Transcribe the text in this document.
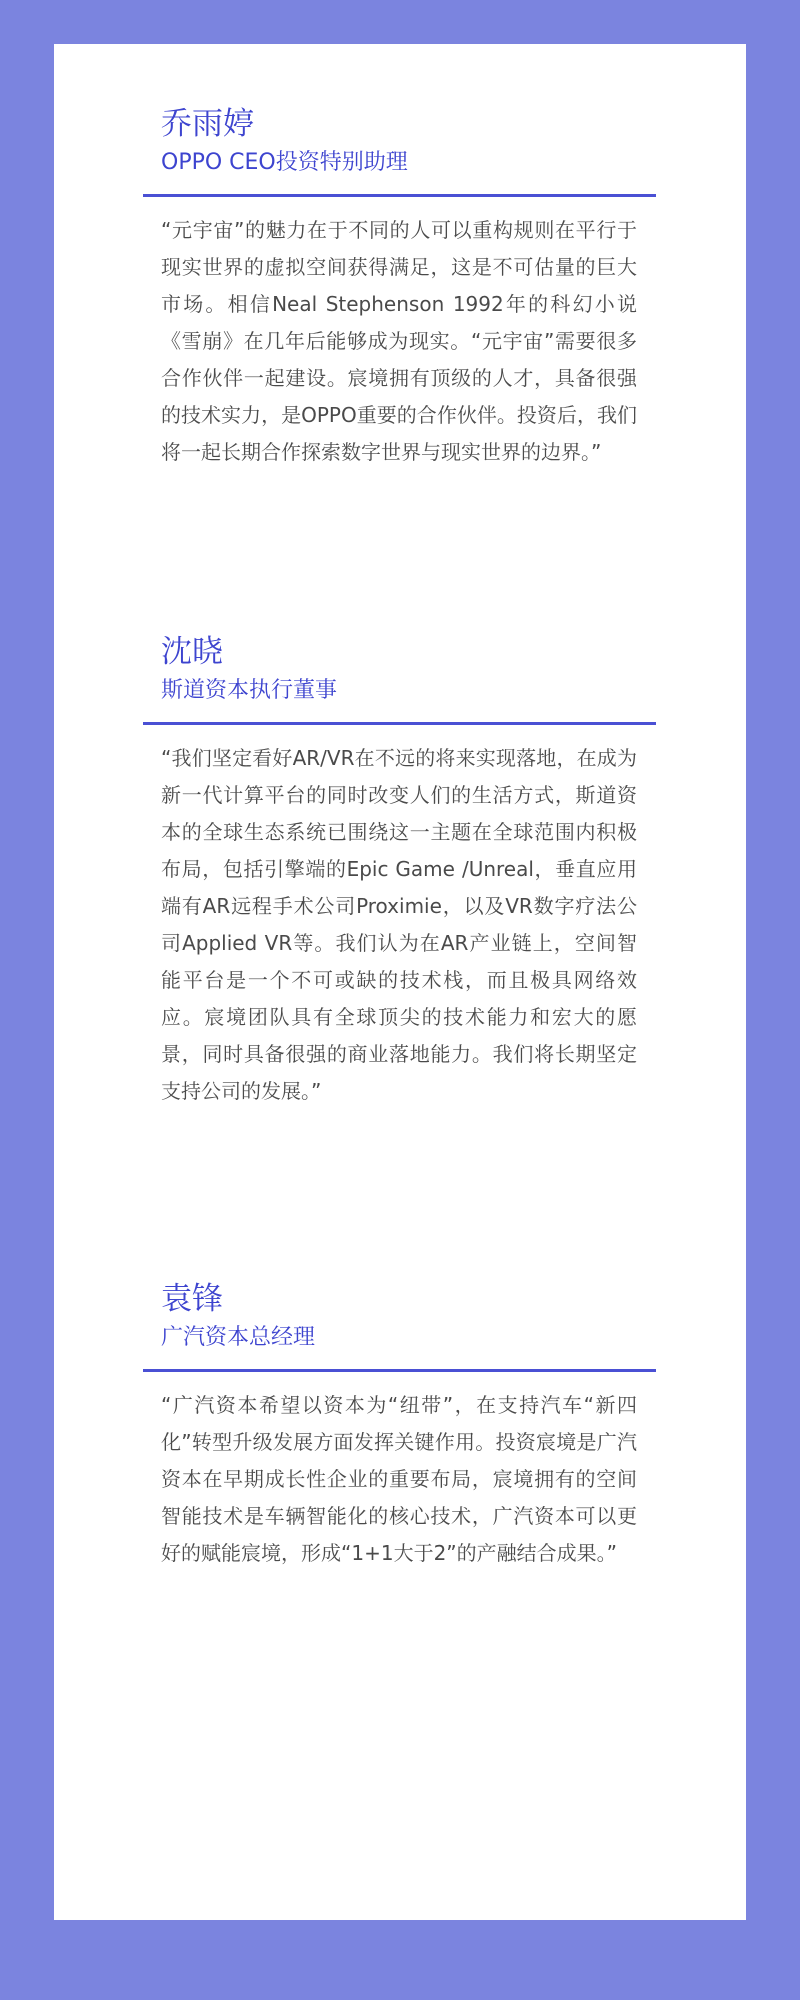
乔雨婷
OPPO CEO投资特别助理

“元宇宙”的魅力在于不同的人可以重构规则在平行于现实世界的虚拟空间获得满足，这是不可估量的巨大市场。相信Neal Stephenson 1992年的科幻小说《雪崩》在几年后能够成为现实。“元宇宙”需要很多合作伙伴一起建设。宸境拥有顶级的人才，具备很强的技术实力，是OPPO重要的合作伙伴。投资后，我们将一起长期合作探索数字世界与现实世界的边界。”

沈晓
斯道资本执行董事

“我们坚定看好AR/VR在不远的将来实现落地，在成为新一代计算平台的同时改变人们的生活方式，斯道资本的全球生态系统已围绕这一主题在全球范围内积极布局，包括引擎端的Epic Game /Unreal，垂直应用端有AR远程手术公司Proximie，以及VR数字疗法公司Applied VR等。我们认为在AR产业链上，空间智能平台是一个不可或缺的技术栈，而且极具网络效应。宸境团队具有全球顶尖的技术能力和宏大的愿景，同时具备很强的商业落地能力。我们将长期坚定支持公司的发展。”

袁锋
广汽资本总经理

“广汽资本希望以资本为“纽带”，在支持汽车“新四化”转型升级发展方面发挥关键作用。投资宸境是广汽资本在早期成长性企业的重要布局，宸境拥有的空间智能技术是车辆智能化的核心技术，广汽资本可以更好的赋能宸境，形成“1+1大于2”的产融结合成果。”
